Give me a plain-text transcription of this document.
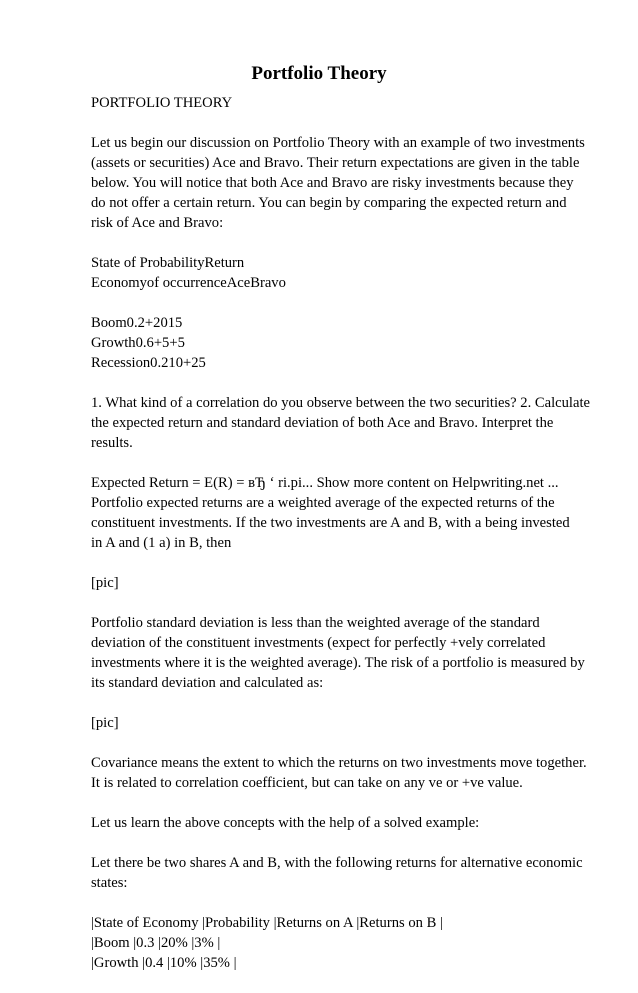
Portfolio Theory

PORTFOLIO THEORY

Let us begin our discussion on Portfolio Theory with an example of two investments
(assets or securities) Ace and Bravo. Their return expectations are given in the table
below. You will notice that both Ace and Bravo are risky investments because they
do not offer a certain return. You can begin by comparing the expected return and
risk of Ace and Bravo:

State of ProbabilityReturn
Economyof occurrenceAceBravo

Boom0.2+2015
Growth0.6+5+5
Recession0.210+25

1. What kind of a correlation do you observe between the two securities? 2. Calculate
the expected return and standard deviation of both Ace and Bravo. Interpret the
results.

Expected Return = E(R) = вЂ ‘ ri.pi... Show more content on Helpwriting.net ...
Portfolio expected returns are a weighted average of the expected returns of the
constituent investments. If the two investments are A and B, with a being invested
in A and (1 a) in B, then

[pic]

Portfolio standard deviation is less than the weighted average of the standard
deviation of the constituent investments (expect for perfectly +vely correlated
investments where it is the weighted average). The risk of a portfolio is measured by
its standard deviation and calculated as:

[pic]

Covariance means the extent to which the returns on two investments move together.
It is related to correlation coefficient, but can take on any ve or +ve value.

Let us learn the above concepts with the help of a solved example:

Let there be two shares A and B, with the following returns for alternative economic
states:

|State of Economy |Probability |Returns on A |Returns on B |
|Boom |0.3 |20% |3% |
|Growth |0.4 |10% |35% |
